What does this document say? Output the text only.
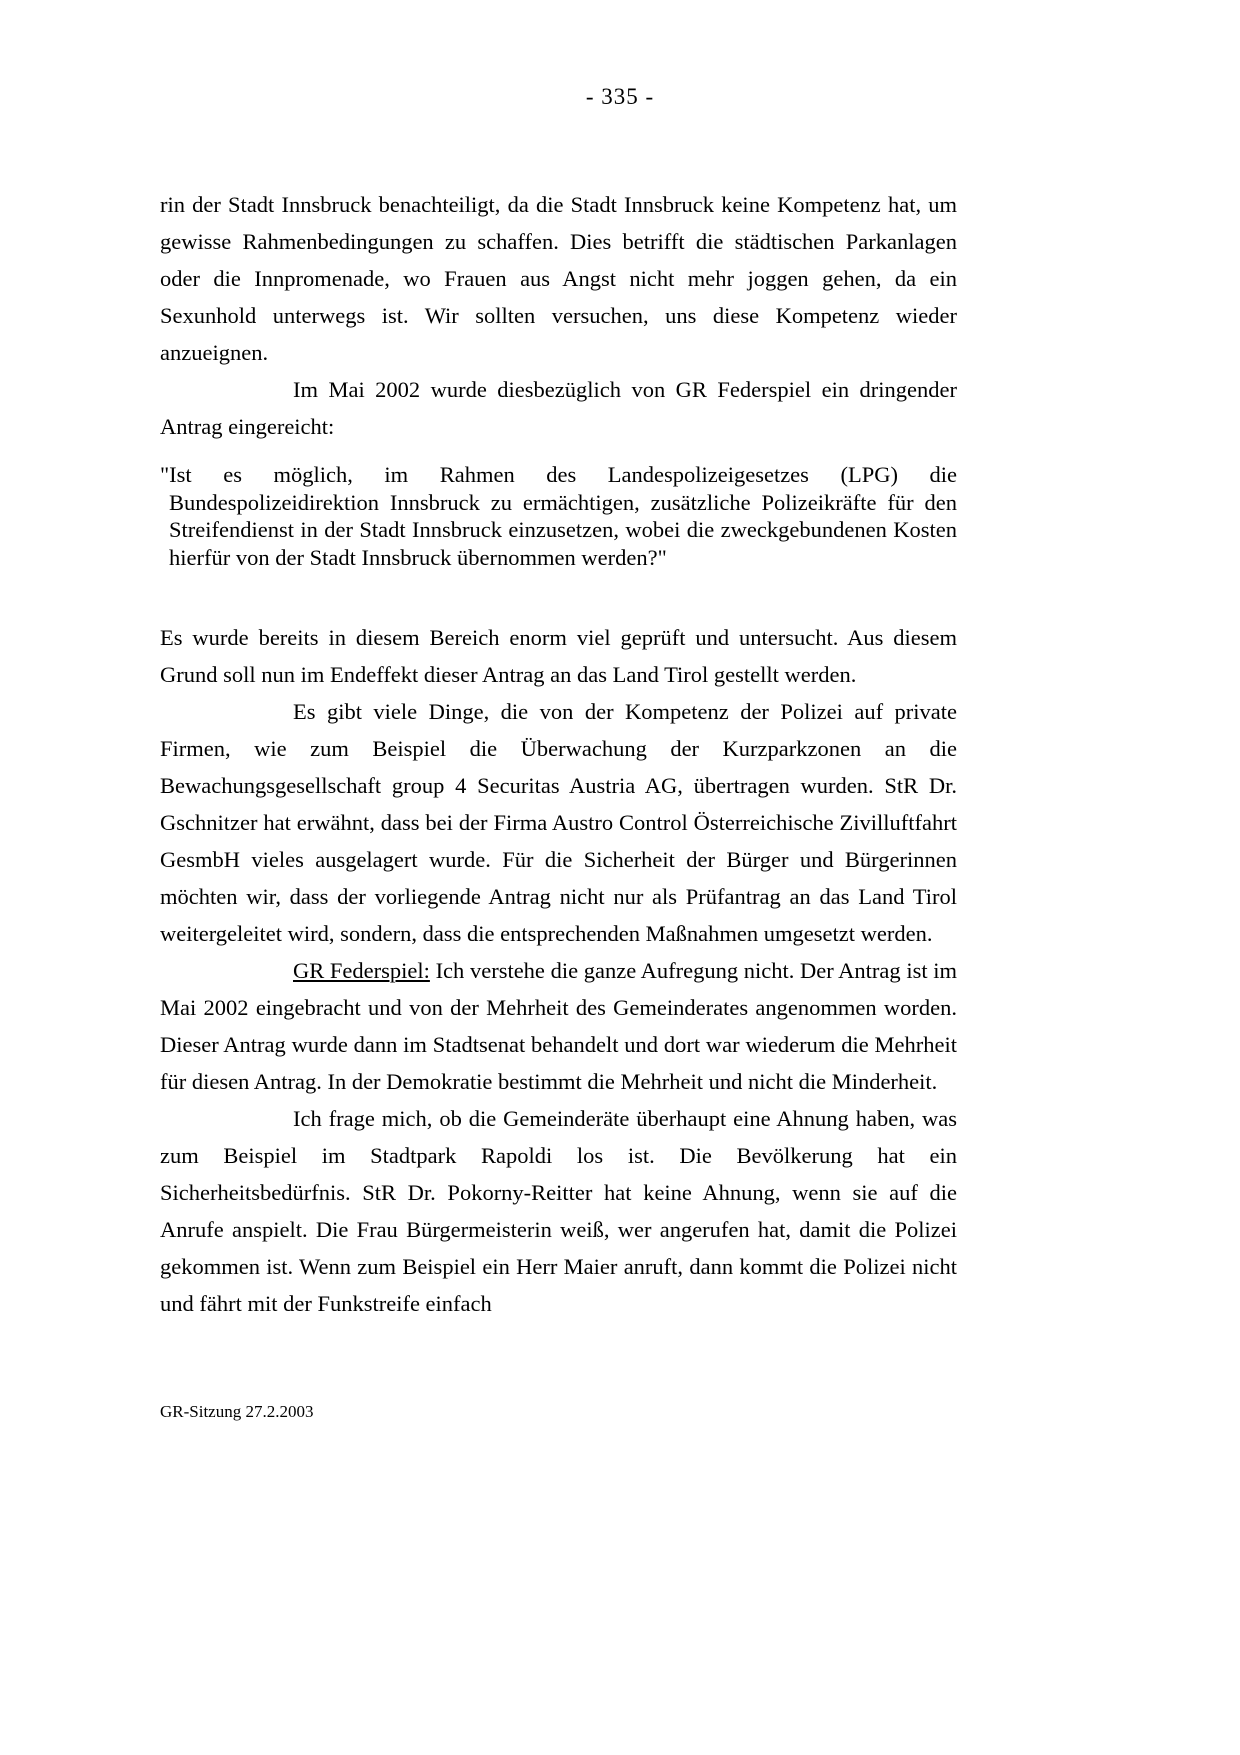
- 335 -

rin der Stadt Innsbruck benachteiligt, da die Stadt Innsbruck keine Kompetenz hat, um gewisse Rahmenbedingungen zu schaffen. Dies betrifft die städtischen Parkanlagen oder die Innpromenade, wo Frauen aus Angst nicht mehr joggen gehen, da ein Sexunhold unterwegs ist. Wir sollten versuchen, uns diese Kompetenz wieder anzueignen.

Im Mai 2002 wurde diesbezüglich von GR Federspiel ein dringender Antrag eingereicht:

"Ist es möglich, im Rahmen des Landespolizeigesetzes (LPG) die Bundespolizeidirektion Innsbruck zu ermächtigen, zusätzliche Polizeikräfte für den Streifendienst in der Stadt Innsbruck einzusetzen, wobei die zweckgebundenen Kosten hierfür von der Stadt Innsbruck übernommen werden?"

Es wurde bereits in diesem Bereich enorm viel geprüft und untersucht. Aus diesem Grund soll nun im Endeffekt dieser Antrag an das Land Tirol gestellt werden.

Es gibt viele Dinge, die von der Kompetenz der Polizei auf private Firmen, wie zum Beispiel die Überwachung der Kurzparkzonen an die Bewachungsgesellschaft group 4 Securitas Austria AG, übertragen wurden. StR Dr. Gschnitzer hat erwähnt, dass bei der Firma Austro Control Österreichische Zivilluftfahrt GesmbH vieles ausgelagert wurde. Für die Sicherheit der Bürger und Bürgerinnen möchten wir, dass der vorliegende Antrag nicht nur als Prüfantrag an das Land Tirol weitergeleitet wird, sondern, dass die entsprechenden Maßnahmen umgesetzt werden.

GR Federspiel: Ich verstehe die ganze Aufregung nicht. Der Antrag ist im Mai 2002 eingebracht und von der Mehrheit des Gemeinderates angenommen worden. Dieser Antrag wurde dann im Stadtsenat behandelt und dort war wiederum die Mehrheit für diesen Antrag. In der Demokratie bestimmt die Mehrheit und nicht die Minderheit.

Ich frage mich, ob die Gemeinderäte überhaupt eine Ahnung haben, was zum Beispiel im Stadtpark Rapoldi los ist. Die Bevölkerung hat ein Sicherheitsbedürfnis. StR Dr. Pokorny-Reitter hat keine Ahnung, wenn sie auf die Anrufe anspielt. Die Frau Bürgermeisterin weiß, wer angerufen hat, damit die Polizei gekommen ist. Wenn zum Beispiel ein Herr Maier anruft, dann kommt die Polizei nicht und fährt mit der Funkstreife einfach

GR-Sitzung 27.2.2003
